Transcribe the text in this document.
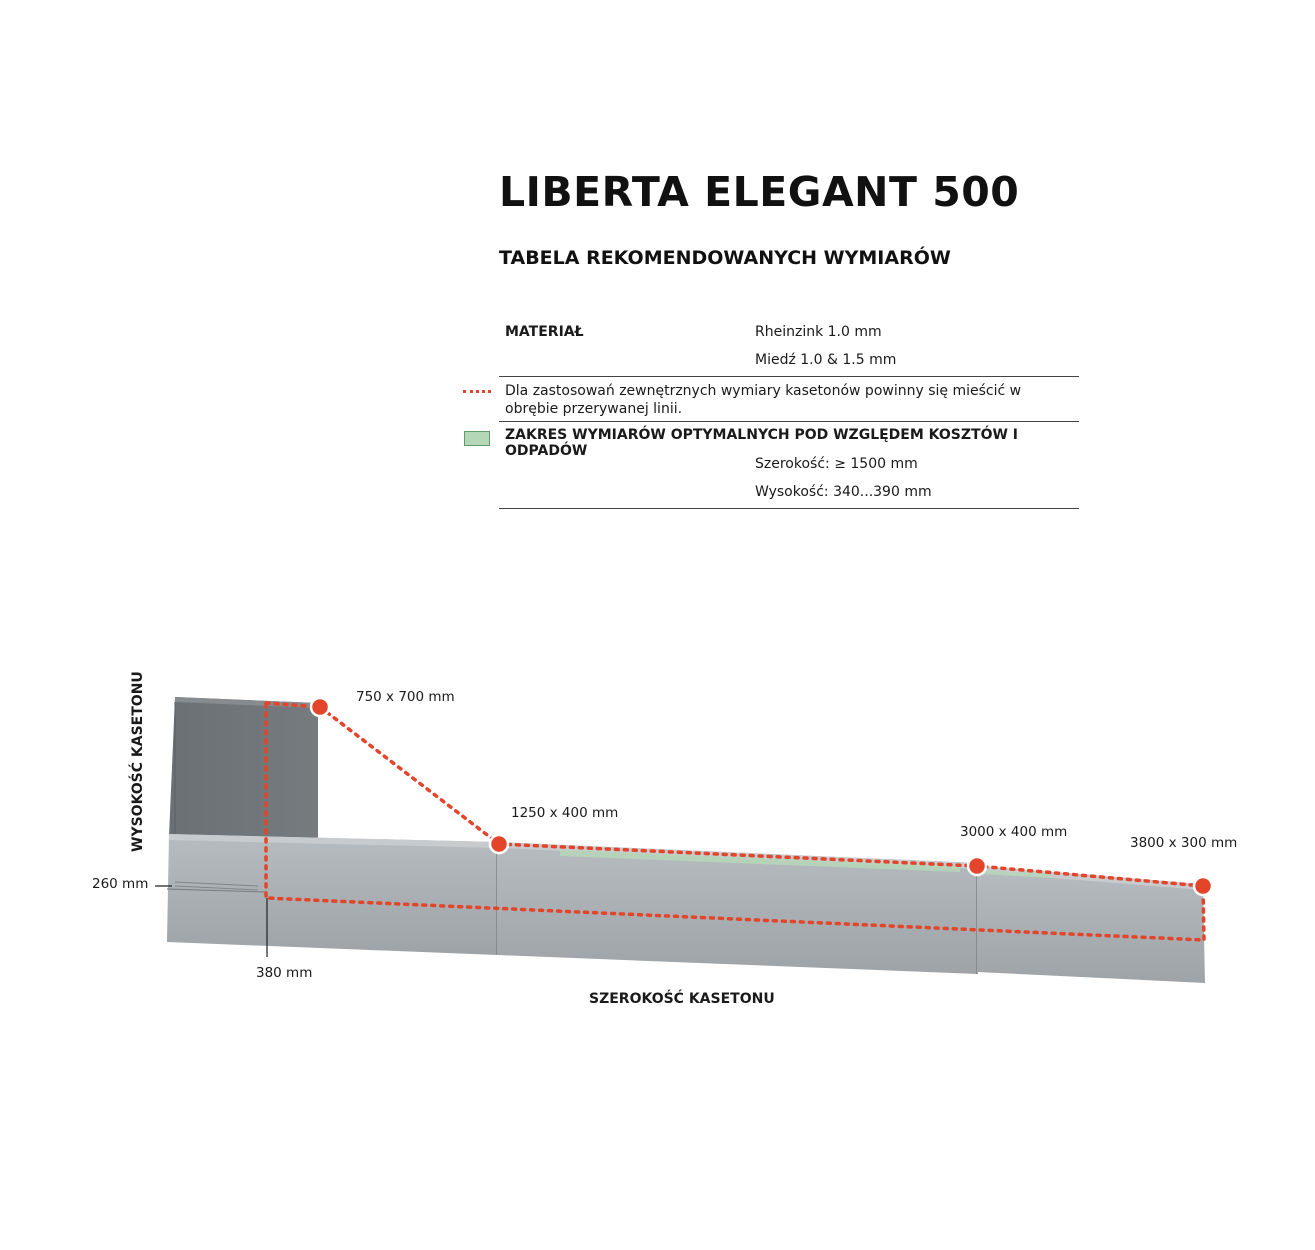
LIBERTA ELEGANT 500
TABELA REKOMENDOWANYCH WYMIARÓW
MATERIAŁ	Rheinzink 1.0 mm
Miedź 1.0 & 1.5 mm
Dla zastosowań zewnętrznych wymiary kasetonów powinny się mieścić w obrębie przerywanej linii.
ZAKRES WYMIARÓW OPTYMALNYCH POD WZGLĘDEM KOSZTÓW I ODPADÓW
Szerokość: ≥ 1500 mm
Wysokość: 340...390 mm
750 x 700 mm
1250 x 400 mm
3000 x 400 mm
3800 x 300 mm
260 mm
380 mm
SZEROKOŚĆ KASETONU
WYSOKOŚĆ KASETONU
